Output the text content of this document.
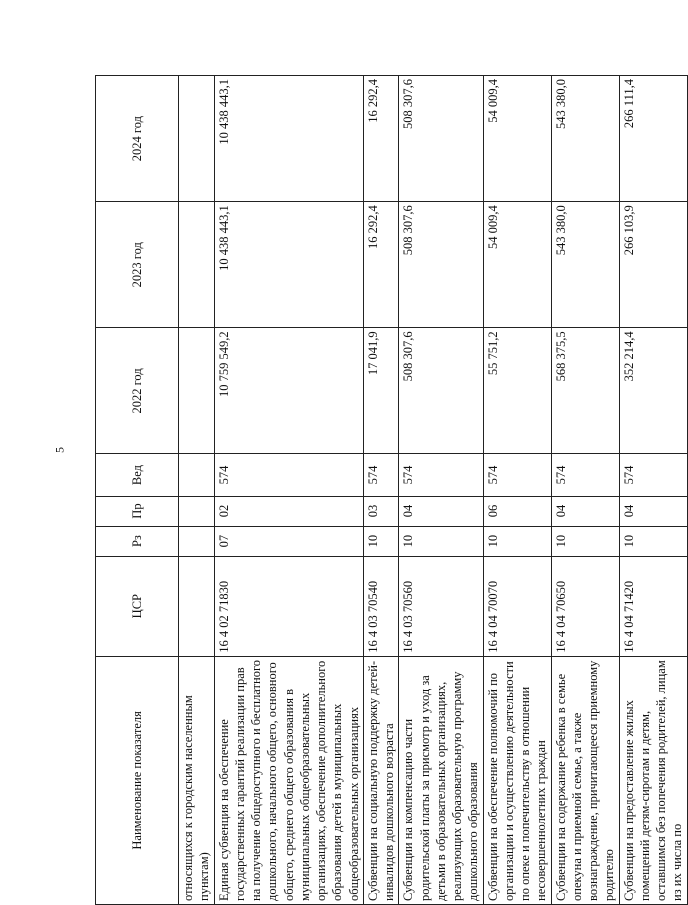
5
Наименование показателя	ЦСР	Рз	Пр	Вед	2022 год	2023 год	2024 год
относящихся к городским населенным пунктам)							
Единая субвенция на обеспечение государственных гарантий реализации прав на получение общедоступного и бесплатного дошкольного, начального общего, основного общего, среднего общего образования в муниципальных общеобразовательных организациях, обеспечение дополнительного образования детей в муниципальных общеобразовательных организациях	16 4 02 71830	07	02	574	10 759 549,2	10 438 443,1	10 438 443,1
Субвенции на социальную поддержку детей-инвалидов дошкольного возраста	16 4 03 70540	10	03	574	17 041,9	16 292,4	16 292,4
Субвенции на компенсацию части родительской платы за присмотр и уход за детьми в образовательных организациях, реализующих образовательную программу дошкольного образования	16 4 03 70560	10	04	574	508 307,6	508 307,6	508 307,6
Субвенции на обеспечение полномочий по организации и осуществлению деятельности по опеке и попечительству в отношении несовершеннолетних граждан	16 4 04 70070	10	06	574	55 751,2	54 009,4	54 009,4
Субвенции на содержание ребенка в семье опекуна и приемной семье, а также вознаграждение, причитающееся приемному родителю	16 4 04 70650	10	04	574	568 375,5	543 380,0	543 380,0
Субвенции на предоставление жилых помещений детям-сиротам и детям, оставшимся без попечения родителей, лицам из их числа по	16 4 04 71420	10	04	574	352 214,4	266 103,9	266 111,4
